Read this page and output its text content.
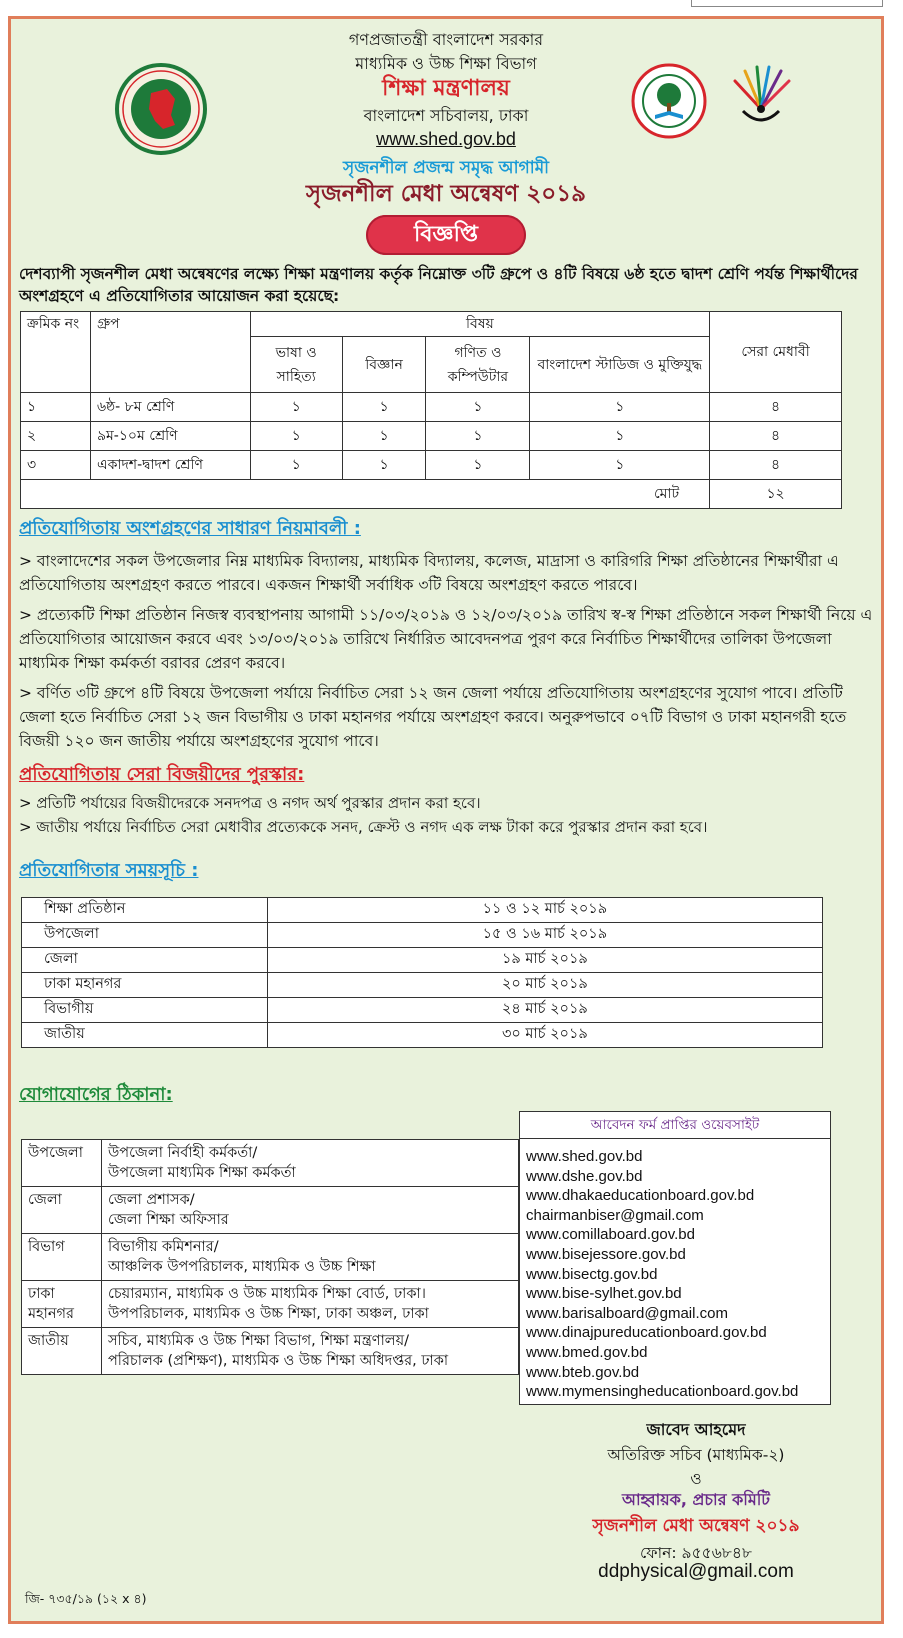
গণপ্রজাতন্ত্রী বাংলাদেশ সরকার
মাধ্যমিক ও উচ্চ শিক্ষা বিভাগ
শিক্ষা মন্ত্রণালয়
বাংলাদেশ সচিবালয়, ঢাকা
www.shed.gov.bd
সৃজনশীল প্রজন্ম সমৃদ্ধ আগামী
সৃজনশীল মেধা অন্বেষণ ২০১৯
বিজ্ঞপ্তি
দেশব্যাপী সৃজনশীল মেধা অন্বেষণের লক্ষ্যে শিক্ষা মন্ত্রণালয় কর্তৃক নিম্নোক্ত ৩টি গ্রুপে ও ৪টি বিষয়ে ৬ষ্ঠ হতে দ্বাদশ শ্রেণি পর্যন্ত শিক্ষার্থীদের অংশগ্রহণে এ প্রতিযোগিতার আয়োজন করা হয়েছে:
ক্রমিক নং	গ্রুপ	বিষয়				সেরা মেধাবী
		ভাষা ও সাহিত্য	বিজ্ঞান	গণিত ও কম্পিউটার	বাংলাদেশ স্টাডিজ ও মুক্তিযুদ্ধ	
১	৬ষ্ঠ- ৮ম শ্রেণি	১	১	১	১	৪
২	৯ম-১০ম শ্রেণি	১	১	১	১	৪
৩	একাদশ-দ্বাদশ শ্রেণি	১	১	১	১	৪
মোট						১২
প্রতিযোগিতায় অংশগ্রহণের সাধারণ নিয়মাবলী :
> বাংলাদেশের সকল উপজেলার নিম্ন মাধ্যমিক বিদ্যালয়, মাধ্যমিক বিদ্যালয়, কলেজ, মাদ্রাসা ও কারিগরি শিক্ষা প্রতিষ্ঠানের শিক্ষার্থীরা এ প্রতিযোগিতায় অংশগ্রহণ করতে পারবে। একজন শিক্ষার্থী সর্বাধিক ৩টি বিষয়ে অংশগ্রহণ করতে পারবে।
> প্রত্যেকটি শিক্ষা প্রতিষ্ঠান নিজস্ব ব্যবস্থাপনায় আগামী ১১/০৩/২০১৯ ও ১২/০৩/২০১৯ তারিখ স্ব-স্ব শিক্ষা প্রতিষ্ঠানে সকল শিক্ষার্থী নিয়ে এ প্রতিযোগিতার আয়োজন করবে এবং ১৩/০৩/২০১৯ তারিখে নির্ধারিত আবেদনপত্র পুরণ করে নির্বাচিত শিক্ষার্থীদের তালিকা উপজেলা মাধ্যমিক শিক্ষা কর্মকর্তা বরাবর প্রেরণ করবে।
> বর্ণিত ৩টি গ্রুপে ৪টি বিষয়ে উপজেলা পর্যায়ে নির্বাচিত সেরা ১২ জন জেলা পর্যায়ে প্রতিযোগিতায় অংশগ্রহণের সুযোগ পাবে। প্রতিটি জেলা হতে নির্বাচিত সেরা ১২ জন বিভাগীয় ও ঢাকা মহানগর পর্যায়ে অংশগ্রহণ করবে। অনুরুপভাবে ০৭টি বিভাগ ও ঢাকা মহানগরী হতে বিজয়ী ১২০ জন জাতীয় পর্যায়ে অংশগ্রহণের সুযোগ পাবে।
প্রতিযোগিতায় সেরা বিজয়ীদের পুরস্কার:
> প্রতিটি পর্যায়ের বিজয়ীদেরকে সনদপত্র ও নগদ অর্থ পুরস্কার প্রদান করা হবে।
> জাতীয় পর্যায়ে নির্বাচিত সেরা মেধাবীর প্রত্যেককে সনদ, ক্রেস্ট ও নগদ এক লক্ষ টাকা করে পুরস্কার প্রদান করা হবে।
প্রতিযোগিতার সময়সূচি :
শিক্ষা প্রতিষ্ঠান	১১ ও ১২ মার্চ ২০১৯
উপজেলা	১৫ ও ১৬ মার্চ ২০১৯
জেলা	১৯ মার্চ ২০১৯
ঢাকা মহানগর	২০ মার্চ ২০১৯
বিভাগীয়	২৪ মার্চ ২০১৯
জাতীয়	৩০ মার্চ ২০১৯
যোগাযোগের ঠিকানা:
উপজেলা	উপজেলা নির্বাহী কর্মকর্তা/
উপজেলা মাধ্যমিক শিক্ষা কর্মকর্তা

জেলা	জেলা প্রশাসক/
জেলা শিক্ষা অফিসার

বিভাগ	বিভাগীয় কমিশনার/
আঞ্চলিক উপপরিচালক, মাধ্যমিক ও উচ্চ শিক্ষা

ঢাকা মহানগর	চেয়ারম্যান, মাধ্যমিক ও উচ্চ মাধ্যমিক শিক্ষা বোর্ড, ঢাকা।
উপপরিচালক, মাধ্যমিক ও উচ্চ শিক্ষা, ঢাকা অঞ্চল, ঢাকা

জাতীয়	সচিব, মাধ্যমিক ও উচ্চ শিক্ষা বিভাগ, শিক্ষা মন্ত্রণালয়/
পরিচালক (প্রশিক্ষণ), মাধ্যমিক ও উচ্চ শিক্ষা অধিদপ্তর, ঢাকা
আবেদন ফর্ম প্রাপ্তির ওয়েবসাইট
www.shed.gov.bd
www.dshe.gov.bd
www.dhakaeducationboard.gov.bd
chairmanbiser@gmail.com
www.comillaboard.gov.bd
www.bisejessore.gov.bd
www.bisectg.gov.bd
www.bise-sylhet.gov.bd
www.barisalboard@gmail.com
www.dinajpureducationboard.gov.bd
www.bmed.gov.bd
www.bteb.gov.bd
www.mymensingheducationboard.gov.bd
জাবেদ আহমেদ
অতিরিক্ত সচিব (মাধ্যমিক-২)
ও
আহ্বায়ক, প্রচার কমিটি
সৃজনশীল মেধা অন্বেষণ ২০১৯
ফোন: ৯৫৫৬৮৪৮
ddphysical@gmail.com
জি- ৭৩৫/১৯ (১২ x ৪)
